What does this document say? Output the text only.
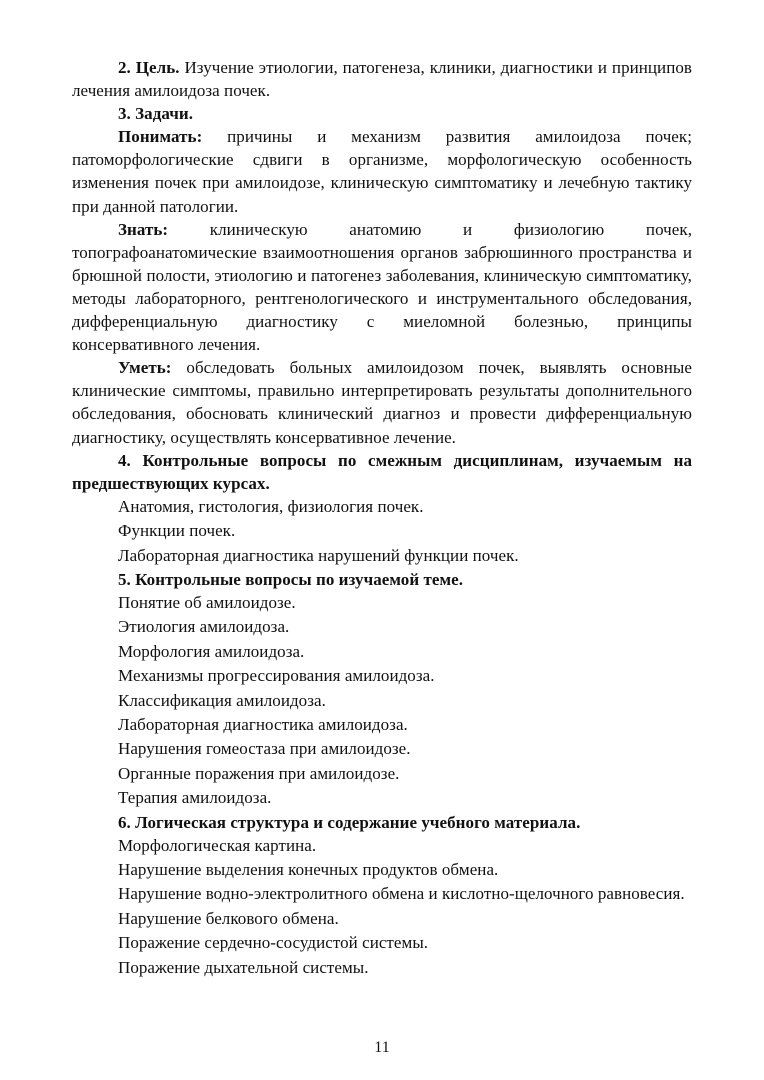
2. Цель. Изучение этиологии, патогенеза, клиники, диагностики и принципов лечения амилоидоза почек.

3. Задачи.

Понимать: причины и механизм развития амилоидоза почек; патоморфологические сдвиги в организме, морфологическую особенность изменения почек при амилоидозе, клиническую симптоматику и лечебную тактику при данной патологии.

Знать: клиническую анатомию и физиологию почек, топографоанатомические взаимоотношения органов забрюшинного пространства и брюшной полости, этиологию и патогенез заболевания, клиническую симптоматику, методы лабораторного, рентгенологического и инструментального обследования, дифференциальную диагностику с миеломной болезнью, принципы консервативного лечения.

Уметь: обследовать больных амилоидозом почек, выявлять основные клинические симптомы, правильно интерпретировать результаты дополнительного обследования, обосновать клинический диагноз и провести дифференциальную диагностику, осуществлять консервативное лечение.

4. Контрольные вопросы по смежным дисциплинам, изучаемым на предшествующих курсах.

Анатомия, гистология, физиология почек.

Функции почек.

Лабораторная диагностика нарушений функции почек.

5. Контрольные вопросы по изучаемой теме.

Понятие об амилоидозе.

Этиология амилоидоза.

Морфология амилоидоза.

Механизмы прогрессирования амилоидоза.

Классификация амилоидоза.

Лабораторная диагностика амилоидоза.

Нарушения гомеостаза при амилоидозе.

Органные поражения при амилоидозе.

Терапия амилоидоза.

6. Логическая структура и содержание учебного материала.

Морфологическая картина.

Нарушение выделения конечных продуктов обмена.

Нарушение водно-электролитного обмена и кислотно-щелочного равновесия.

Нарушение белкового обмена.

Поражение сердечно-сосудистой системы.

Поражение дыхательной системы.

11
